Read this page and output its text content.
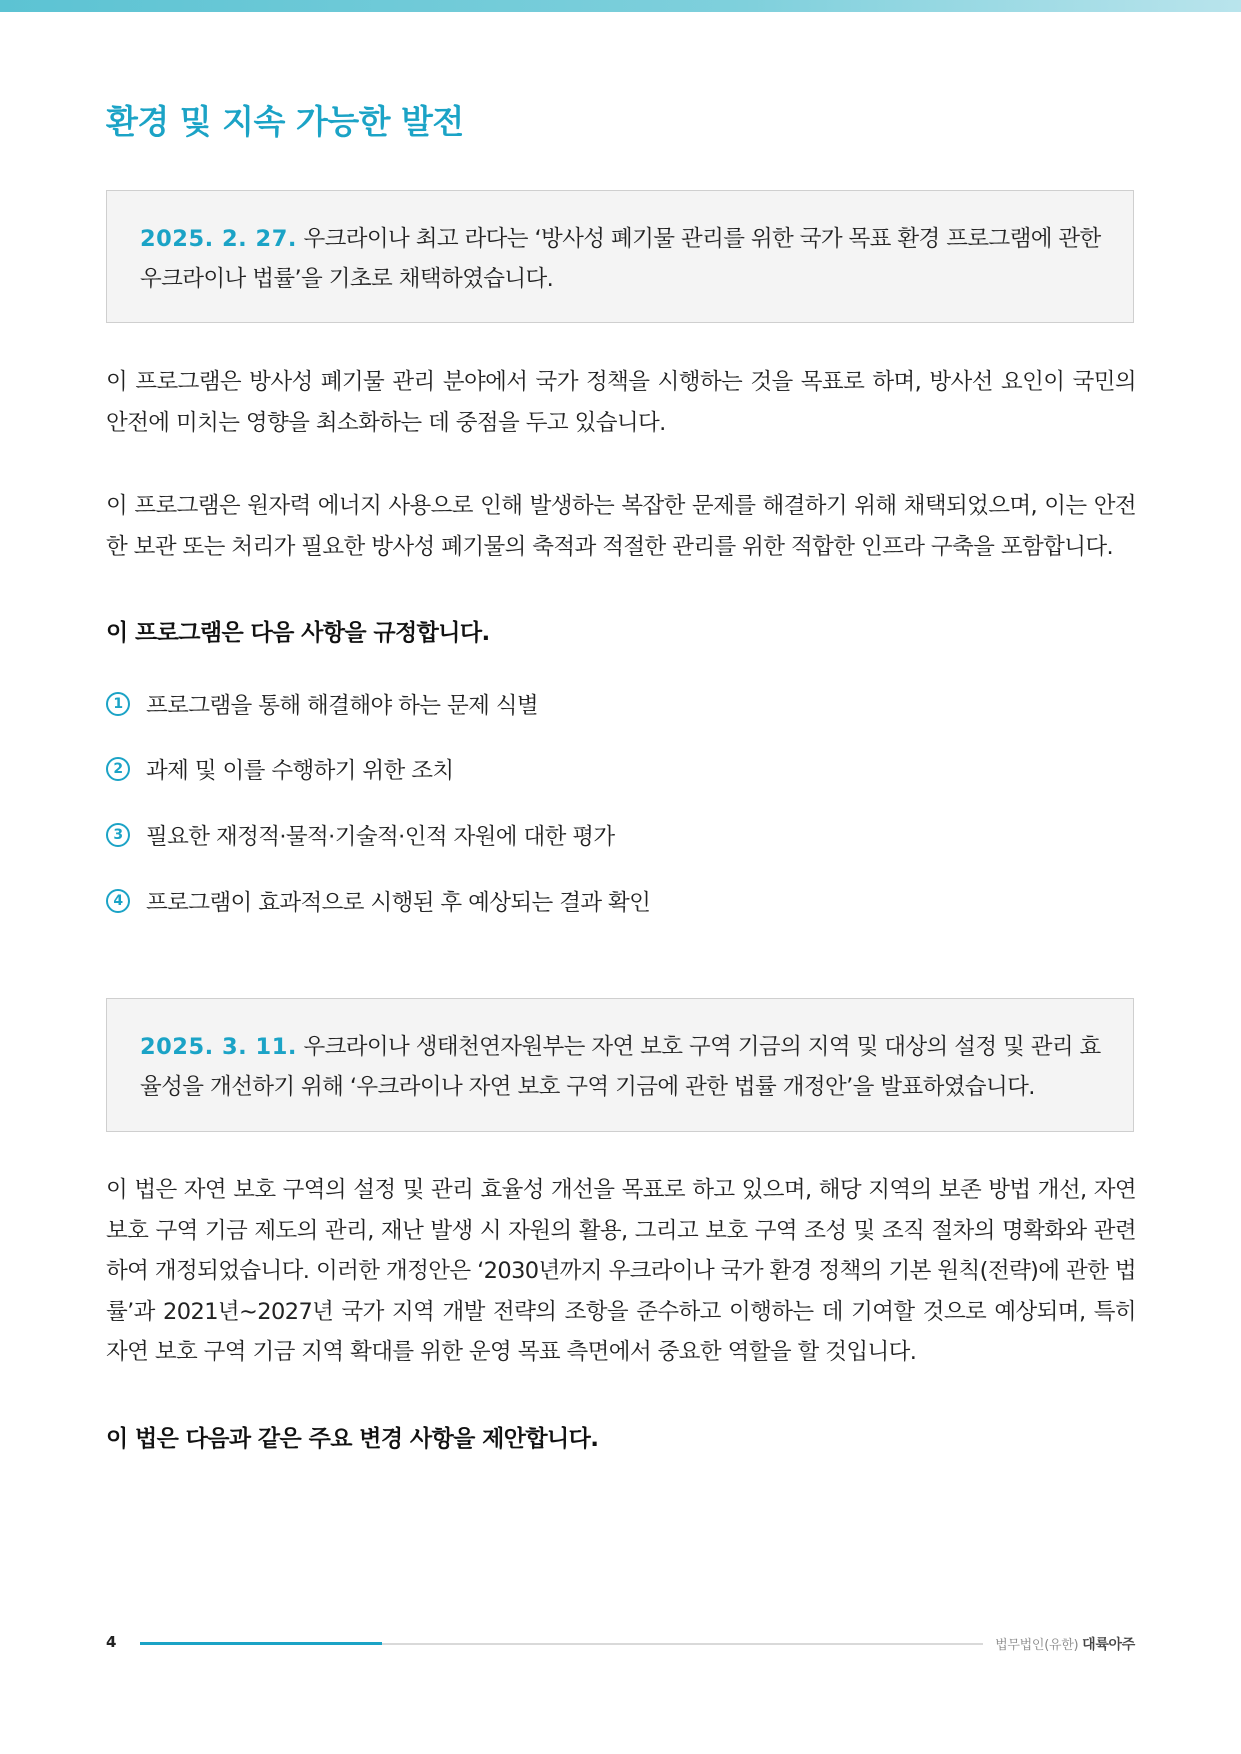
환경 및 지속 가능한 발전
2025. 2. 27. 우크라이나 최고 라다는 ‘방사성 폐기물 관리를 위한 국가 목표 환경 프로그램에 관한
우크라이나 법률’을 기초로 채택하였습니다.
이 프로그램은 방사성 폐기물 관리 분야에서 국가 정책을 시행하는 것을 목표로 하며, 방사선 요인이 국민의 안전에 미치는 영향을 최소화하는 데 중점을 두고 있습니다.
이 프로그램은 원자력 에너지 사용으로 인해 발생하는 복잡한 문제를 해결하기 위해 채택되었으며, 이는 안전한 보관 또는 처리가 필요한 방사성 폐기물의 축적과 적절한 관리를 위한 적합한 인프라 구축을 포함합니다.
이 프로그램은 다음 사항을 규정합니다.
1	프로그램을 통해 해결해야 하는 문제 식별
2	과제 및 이를 수행하기 위한 조치
3	필요한 재정적·물적·기술적·인적 자원에 대한 평가
4	프로그램이 효과적으로 시행된 후 예상되는 결과 확인
2025. 3. 11. 우크라이나 생태천연자원부는 자연 보호 구역 기금의 지역 및 대상의 설정 및 관리 효
율성을 개선하기 위해 ‘우크라이나 자연 보호 구역 기금에 관한 법률 개정안’을 발표하였습니다.
이 법은 자연 보호 구역의 설정 및 관리 효율성 개선을 목표로 하고 있으며, 해당 지역의 보존 방법 개선, 자연 보호 구역 기금 제도의 관리, 재난 발생 시 자원의 활용, 그리고 보호 구역 조성 및 조직 절차의 명확화와 관련하여 개정되었습니다. 이러한 개정안은 ‘2030년까지 우크라이나 국가 환경 정책의 기본 원칙(전략)에 관한 법률’과 2021년~2027년 국가 지역 개발 전략의 조항을 준수하고 이행하는 데 기여할 것으로 예상되며, 특히 자연 보호 구역 기금 지역 확대를 위한 운영 목표 측면에서 중요한 역할을 할 것입니다.
이 법은 다음과 같은 주요 변경 사항을 제안합니다.
4	법무법인(유한) 대륙아주
